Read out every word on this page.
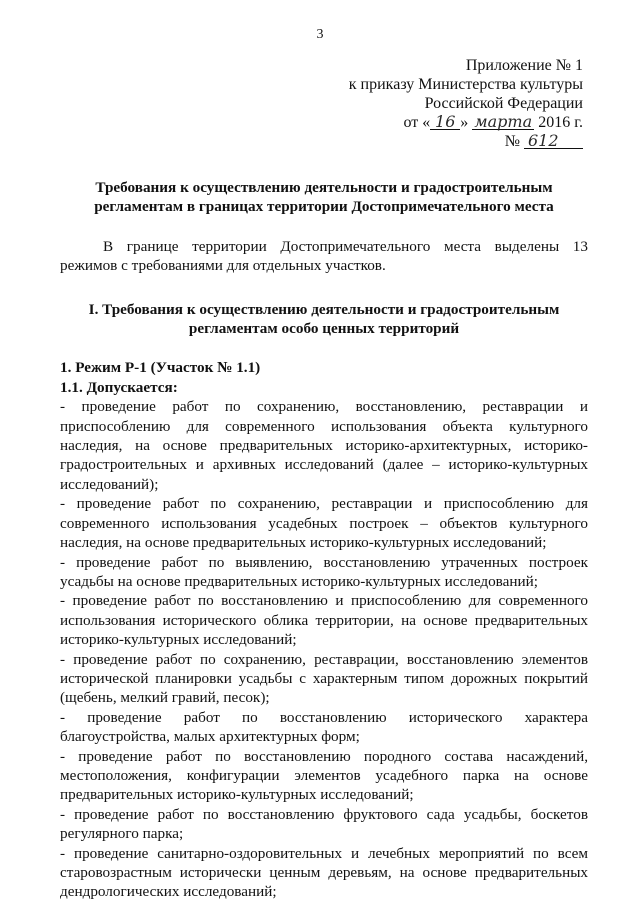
3
Приложение № 1
к приказу Министерства культуры
Российской Федерации
от « 16 » марта 2016 г.
№ 612

Требования к осуществлению деятельности и градостроительным регламентам в границах территории Достопримечательного места

В границе территории Достопримечательного места выделены 13 режимов с требованиями для отдельных участков.

I. Требования к осуществлению деятельности и градостроительным регламентам особо ценных территорий

1. Режим Р-1 (Участок № 1.1)

1.1. Допускается:

- проведение работ по сохранению, восстановлению, реставрации и приспособлению для современного использования объекта культурного наследия, на основе предварительных историко-архитектурных, историко-градостроительных и архивных исследований (далее – историко-культурных исследований);
- проведение работ по сохранению, реставрации и приспособлению для современного использования усадебных построек – объектов культурного наследия, на основе предварительных историко-культурных исследований;
- проведение работ по выявлению, восстановлению утраченных построек усадьбы на основе предварительных историко-культурных исследований;
- проведение работ по восстановлению и приспособлению для современного использования исторического облика территории, на основе предварительных историко-культурных исследований;
- проведение работ по сохранению, реставрации, восстановлению элементов исторической планировки усадьбы с характерным типом дорожных покрытий (щебень, мелкий гравий, песок);
- проведение работ по восстановлению исторического характера благоустройства, малых архитектурных форм;
- проведение работ по восстановлению породного состава насаждений, местоположения, конфигурации элементов усадебного парка на основе предварительных историко-культурных исследований;
- проведение работ по восстановлению фруктового сада усадьбы, боскетов регулярного парка;
- проведение санитарно-оздоровительных и лечебных мероприятий по всем старовозрастным исторически ценным деревьям, на основе предварительных дендрологических исследований;
